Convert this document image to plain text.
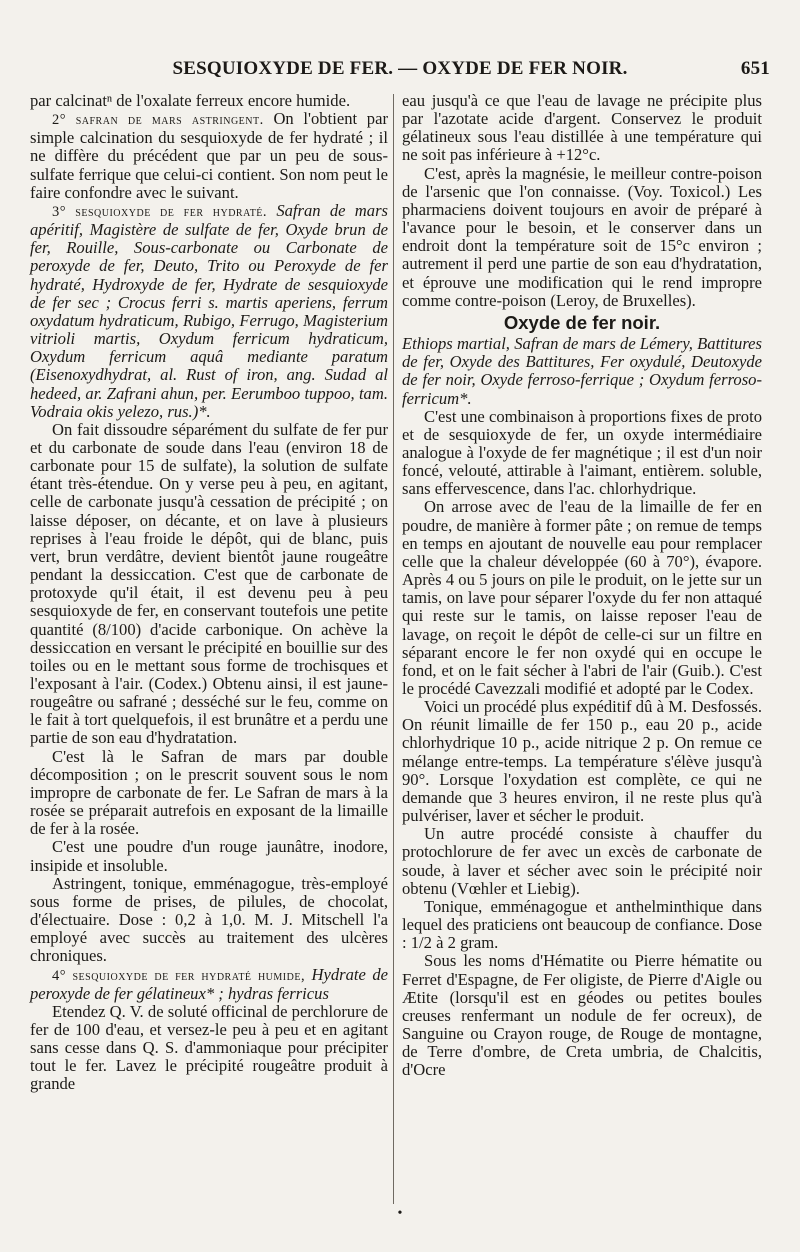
SESQUIOXYDE DE FER. — OXYDE DE FER NOIR.	651

par calcinatⁿ de l'oxalate ferreux encore humide.

2° safran de mars astringent. On l'obtient par simple calcination du sesquioxyde de fer hydraté ; il ne diffère du précédent que par un peu de sous-sulfate ferrique que celui-ci contient. Son nom peut le faire confondre avec le suivant.

3° sesquioxyde de fer hydraté. Safran de mars apéritif, Magistère de sulfate de fer, Oxyde brun de fer, Rouille, Sous-carbonate ou Carbonate de peroxyde de fer, Deuto, Trito ou Peroxyde de fer hydraté, Hydroxyde de fer, Hydrate de sesquioxyde de fer sec ; Crocus ferri s. martis aperiens, ferrum oxydatum hydraticum, Rubigo, Ferrugo, Magisterium vitrioli martis, Oxydum ferricum hydraticum, Oxydum ferricum aquâ mediante paratum (Eisenoxydhydrat, al. Rust of iron, ang. Sudad al hedeed, ar. Zafrani ahun, per. Eerumboo tuppoo, tam. Vodraia okis yelezo, rus.)*.

On fait dissoudre séparément du sulfate de fer pur et du carbonate de soude dans l'eau (environ 18 de carbonate pour 15 de sulfate), la solution de sulfate étant très-étendue. On y verse peu à peu, en agitant, celle de carbonate jusqu'à cessation de précipité ; on laisse déposer, on décante, et on lave à plusieurs reprises à l'eau froide le dépôt, qui de blanc, puis vert, brun verdâtre, devient bientôt jaune rougeâtre pendant la dessiccation. C'est que de carbonate de protoxyde qu'il était, il est devenu peu à peu sesquioxyde de fer, en conservant toutefois une petite quantité (8/100) d'acide carbonique. On achève la dessiccation en versant le précipité en bouillie sur des toiles ou en le mettant sous forme de trochisques et l'exposant à l'air. (Codex.) Obtenu ainsi, il est jaune-rougeâtre ou safrané ; desséché sur le feu, comme on le fait à tort quelquefois, il est brunâtre et a perdu une partie de son eau d'hydratation.

C'est là le Safran de mars par double décomposition ; on le prescrit souvent sous le nom impropre de carbonate de fer. Le Safran de mars à la rosée se préparait autrefois en exposant de la limaille de fer à la rosée.

C'est une poudre d'un rouge jaunâtre, inodore, insipide et insoluble.

Astringent, tonique, emménagogue, très-employé sous forme de prises, de pilules, de chocolat, d'électuaire. Dose : 0,2 à 1,0. M. J. Mitschell l'a employé avec succès au traitement des ulcères chroniques.

4° sesquioxyde de fer hydraté humide, Hydrate de peroxyde de fer gélatineux* ; hydras ferricus

Etendez Q. V. de soluté officinal de perchlorure de fer de 100 d'eau, et versez-le peu à peu et en agitant sans cesse dans Q. S. d'ammoniaque pour précipiter tout le fer. Lavez le précipité rougeâtre produit à grande

eau jusqu'à ce que l'eau de lavage ne précipite plus par l'azotate acide d'argent. Conservez le produit gélatineux sous l'eau distillée à une température qui ne soit pas inférieure à +12°c.

C'est, après la magnésie, le meilleur contre-poison de l'arsenic que l'on connaisse. (Voy. Toxicol.) Les pharmaciens doivent toujours en avoir de préparé à l'avance pour le besoin, et le conserver dans un endroit dont la température soit de 15°c environ ; autrement il perd une partie de son eau d'hydratation, et éprouve une modification qui le rend impropre comme contre-poison (Leroy, de Bruxelles).

Oxyde de fer noir.

Ethiops martial, Safran de mars de Lémery, Battitures de fer, Oxyde des Battitures, Fer oxydulé, Deutoxyde de fer noir, Oxyde ferroso-ferrique ; Oxydum ferroso-ferricum*.

C'est une combinaison à proportions fixes de proto et de sesquioxyde de fer, un oxyde intermédiaire analogue à l'oxyde de fer magnétique ; il est d'un noir foncé, velouté, attirable à l'aimant, entièrem. soluble, sans effervescence, dans l'ac. chlorhydrique.

On arrose avec de l'eau de la limaille de fer en poudre, de manière à former pâte ; on remue de temps en temps en ajoutant de nouvelle eau pour remplacer celle que la chaleur développée (60 à 70°), évapore. Après 4 ou 5 jours on pile le produit, on le jette sur un tamis, on lave pour séparer l'oxyde du fer non attaqué qui reste sur le tamis, on laisse reposer l'eau de lavage, on reçoit le dépôt de celle-ci sur un filtre en séparant encore le fer non oxydé qui en occupe le fond, et on le fait sécher à l'abri de l'air (Guib.). C'est le procédé Cavezzali modifié et adopté par le Codex.

Voici un procédé plus expéditif dû à M. Desfossés. On réunit limaille de fer 150 p., eau 20 p., acide chlorhydrique 10 p., acide nitrique 2 p. On remue ce mélange entre-temps. La température s'élève jusqu'à 90°. Lorsque l'oxydation est complète, ce qui ne demande que 3 heures environ, il ne reste plus qu'à pulvériser, laver et sécher le produit.

Un autre procédé consiste à chauffer du protochlorure de fer avec un excès de carbonate de soude, à laver et sécher avec soin le précipité noir obtenu (Vœhler et Liebig).

Tonique, emménagogue et anthelminthique dans lequel des praticiens ont beaucoup de confiance. Dose : 1/2 à 2 gram.

Sous les noms d'Hématite ou Pierre hématite ou Ferret d'Espagne, de Fer oligiste, de Pierre d'Aigle ou Ætite (lorsqu'il est en géodes ou petites boules creuses renfermant un nodule de fer ocreux), de Sanguine ou Crayon rouge, de Rouge de montagne, de Terre d'ombre, de Creta umbria, de Chalcitis, d'Ocre

•
